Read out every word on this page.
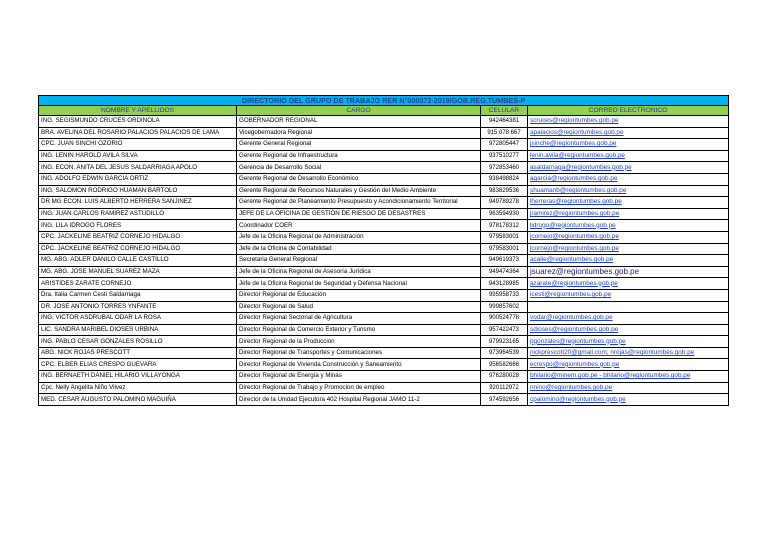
DIRECTORIO DEL GRUPO DE TRABAJO RER N°000072-2019/GOB.REG.TUMBES-P			
NOMBRE Y APELLIDOS	CARGO	CELULAR	CORREO ELECTRONICO
ING. SEGISMUNDO CRUCES ORDINOLA	GOBERNADOR REGIONAL	942464381	scruces@regiontumbes.gob.pe
BRA. AVELINA DEL ROSARIO PALACIOS PALACIOS DE LAMA	Vicegobernadora Regional	915 078 667	apalacios@regiontumbes.gob.pe
CPC. JUAN SINCHI OZORIO	Gerente General Regional	972805447	jsinche@regiontumbes.gob.pe
ING. LENIN HAROLD AVILA SILVA	Gerente Regional de Infraestructura	937510277	lenin.avila@regiontumbes.gob.pe
ING. ECON. ANITA DEL JESUS SALDARRIAGA APOLO	Gerencia de Desarrollo Social	972853460	asaldarriaga@regiontumbes.gob.pe
ING. ADOLFO EDWIN GARCIA ORTIZ	Gerente Regional de Desarrollo Económico	938498824	agarcia@regiontumbes.gob.pe
ING. SALOMON RODRIGO HUAMAN BARTOLO	Gerente Regional de Recursos Naturales y Gestión del Medio Ambiente	983829536	shuamanb@regiontumbes.gob.pe
DR MG ECON. LUIS ALBERTO HERRERA SANJINEZ	Gerente Regional de Planeamiento Presupuesto y Acondicionamiento Territorial	949789278	lherreras@regiontumbes.gob.pe
ING. JUAN CARLOS RAMIREZ ASTUDILLO	JEFE DE LA OFICINA DE GESTIÓN DE RIESGO DE DESASTRES	963594930	jramirez@regiontumbes.gob.pe
ING. LILA IDROGO FLORES	Coordinador COER	978178312	lidrogo@regiontumbes.gob.pe
CPC. JACKELINE BEATRIZ CORNEJO HIDALGO	Jefe de la Oficina Regional de Administración	979583001	jcornejo@regiontumbes.gob.pe
CPC. JACKELINE BEATRIZ CORNEJO HIDALGO	Jefe de la Oficina de Contabilidad	979583001	jcornejo@regiontumbes.gob.pe
MG. ABG. ADLER DANILO CALLE CASTILLO	Secretaria General Regional	949619373	acalle@regiontumbes.gob.pe
MG. ABG. JOSE MANUEL SUAREZ MAZA	Jefe de la Oficina Regional de Asesoría Jurídica	949474364	jsuarez@regiontumbes.gob.pe
ARISTIDES ZARATE CORNEJO	Jefe de la Oficina Regional de Seguridad y Defensa Nacional	943128985	azarate@regiontumbes.gob.pe
Dra. Italia Carmen Cesti Saldarriaga	Director Regional de Educación	995958733	icesti@regiontumbes.gob.pe
DR. JOSE ANTONIO TORRES YNFANTE	Director Regional de Salud	999857602	
ING. VICTOR ASDRUBAL ODAR LA ROSA	Director Regional Sectorial de Agricultura	900524778	vodar@regiontumbes.gob.pe
LIC. SANDRA MARIBEL DIOSES URBINA	Director Regional de Comercio Exterior y Turismo	957422473	sdioses@regiontumbes.gob.pe
ING. PABLO CESAR GONZALES ROSILLO	Director Regional de la Producción	979923165	pgonzales@regiontumbes.gob.pe
ABG. NICK ROJAS PRESCOTT	Director Regional de Transportes y Comunicaciones	973964539	nickprescott20@gmail.com; nrojas@regiontumbes.gob.pe
CPC. ELBER ELIAS CRESPO GUEVARA	Director Regional de Vivienda Construcción y Saneamiento	956582666	ecrespo@regiontumbes.gob.pe
ING. BERNAETH DANIEL HILARIO VILLAYONGA	Director Regional de Energía y Minas	976280028	bhilario@minem.gob.pe - bhilario@regiontumbes.gob.pe
Cpc. Nelly Angelita Niño Vilvez	Director Regional de Trabajo y Promocion de empleo	920112972	nnino@regiontumbes.gob.pe
MED. CESAR AUGUSTO PALOMINO MAGUIÑA	Director de la Unidad Ejecutora 402 Hospital Regional JAMO 11-2	974592656	cpalomino@regiontumbes.gob.pe
